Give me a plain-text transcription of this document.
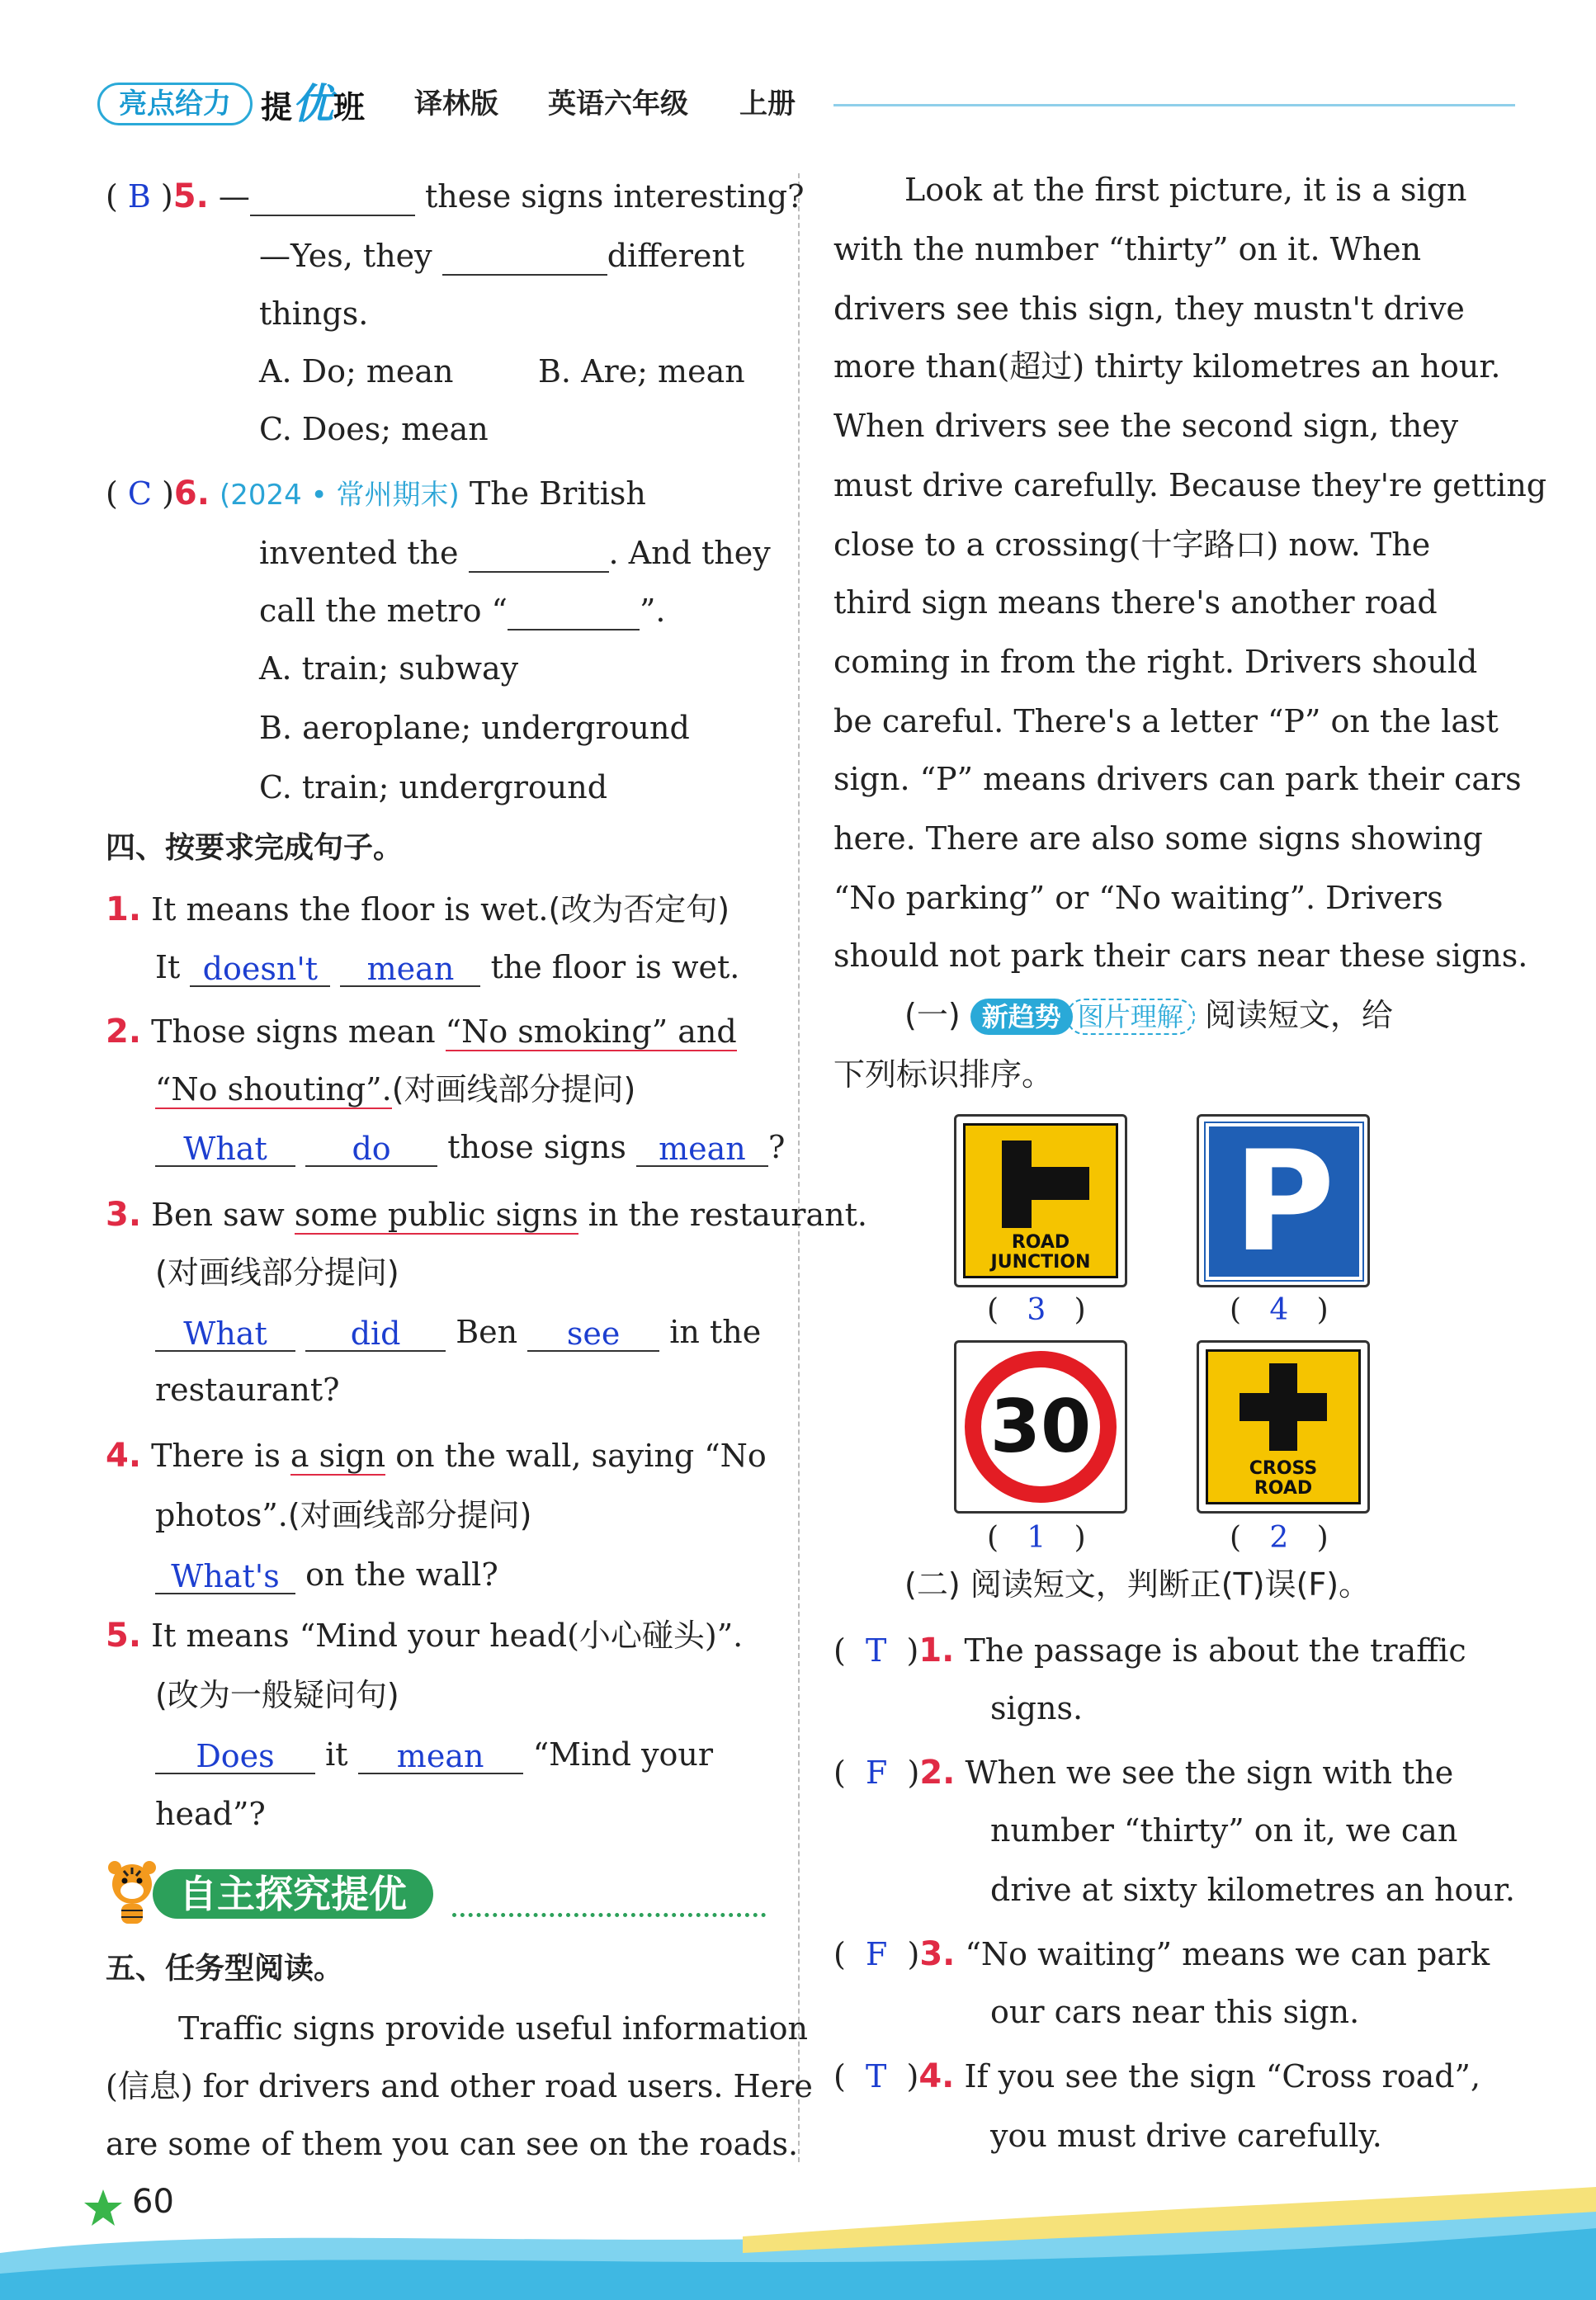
亮点给力 提优班 译林版 英语六年级 上册
( B )5. —	these signs interesting?
—Yes, they	different
things.
A. Do; mean	B. Are; mean
C. Does; mean
( C )6. (2024 • 常州期末) The British
invented the	. And they
call the metro “	”.
A. train; subway
B. aeroplane; underground
C. train; underground
四、按要求完成句子。
1. It means the floor is wet.(改为否定句)
It doesn't mean the floor is wet.
2. Those signs mean “No smoking” and
“No shouting”.(对画线部分提问)
What	do those signs mean ?
3. Ben saw some public signs in the restaurant.
(对画线部分提问)
What	did Ben see in the
restaurant?
4. There is a sign on the wall, saying “No
photos”.(对画线部分提问)
What's on the wall?
5. It means “Mind your head(小心碰头)”.
(改为一般疑问句)
Does it mean “Mind your
head”?
自主探究提优
五、任务型阅读。
Traffic signs provide useful information
(信息) for drivers and other road users. Here
are some of them you can see on the roads.
Look at the first picture, it is a sign
with the number “thirty” on it. When
drivers see this sign, they mustn't drive
more than(超过) thirty kilometres an hour.
When drivers see the second sign, they
must drive carefully. Because they're getting
close to a crossing(十字路口) now. The
third sign means there's another road
coming in from the right. Drivers should
be careful. There's a letter “P” on the last
sign. “P” means drivers can park their cars
here. There are also some signs showing
“No parking” or “No waiting”. Drivers
should not park their cars near these signs.
(一) 新趋势 图片理解 阅读短文，给
下列标识排序。
ROAD
JUNCTION
(   3   )
P
(   4   )
30
(   1   )
CROSS
ROAD
(   2   )
(二) 阅读短文，判断正(T)误(F)。
(  T  )1. The passage is about the traffic
signs.
(  F  )2. When we see the sign with the
number “thirty” on it, we can
drive at sixty kilometres an hour.
(  F  )3. “No waiting” means we can park
our cars near this sign.
(  T  )4. If you see the sign “Cross road”,
you must drive carefully.
60
